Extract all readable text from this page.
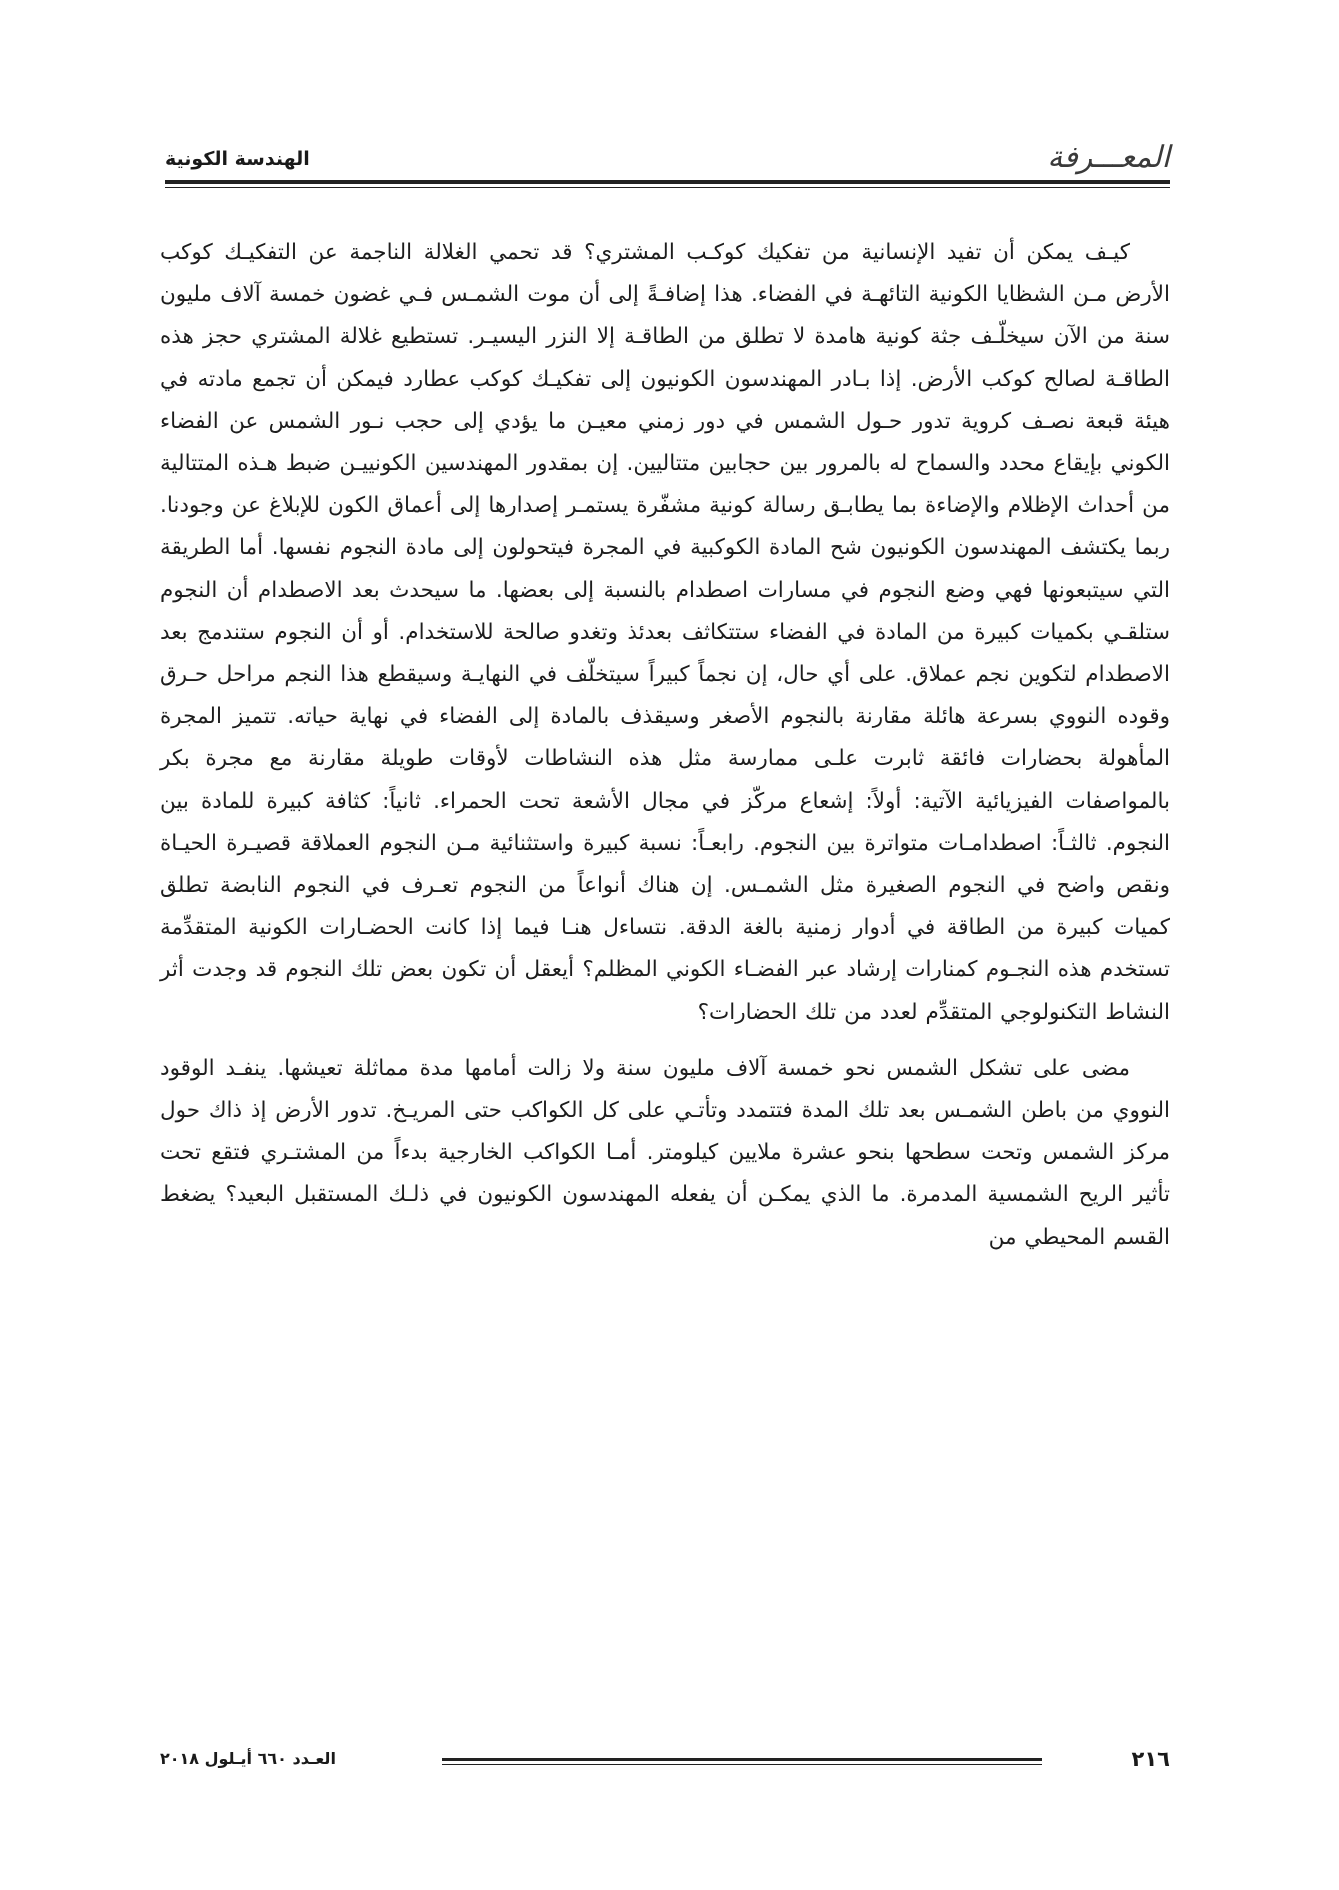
المعـــرفة
الهندسة الكونية

كيـف يمكن أن تفيد الإنسانية من تفكيك كوكـب المشتري؟ قد تحمي الغلالة الناجمة عن التفكيـك كوكب الأرض مـن الشظايا الكونية التائهـة في الفضاء. هذا إضافـةً إلى أن موت الشمـس فـي غضون خمسة آلاف مليون سنة من الآن سيخلّـف جثة كونية هامدة لا تطلق من الطاقـة إلا النزر اليسيـر. تستطيع غلالة المشتري حجز هذه الطاقـة لصالح كوكب الأرض. إذا بـادر المهندسون الكونيون إلى تفكيـك كوكب عطارد فيمكن أن تجمع مادته في هيئة قبعة نصـف كروية تدور حـول الشمس في دور زمني معيـن ما يؤدي إلى حجب نـور الشمس عن الفضاء الكوني بإيقاع محدد والسماح له بالمرور بين حجابين متتاليين. إن بمقدور المهندسين الكونييـن ضبط هـذه المتتالية من أحداث الإظلام والإضاءة بما يطابـق رسالة كونية مشفّرة يستمـر إصدارها إلى أعماق الكون للإبلاغ عن وجودنا. ربما يكتشف المهندسون الكونيون شح المادة الكوكبية في المجرة فيتحولون إلى مادة النجوم نفسها. أما الطريقة التي سيتبعونها فهي وضع النجوم في مسارات اصطدام بالنسبة إلى بعضها. ما سيحدث بعد الاصطدام أن النجوم ستلقـي بكميات كبيرة من المادة في الفضاء ستتكاثف بعدئذ وتغدو صالحة للاستخدام. أو أن النجوم ستندمج بعد الاصطدام لتكوين نجم عملاق. على أي حال، إن نجماً كبيراً سيتخلّف في النهايـة وسيقطع هذا النجم مراحل حـرق وقوده النووي بسرعة هائلة مقارنة بالنجوم الأصغر وسيقذف بالمادة إلى الفضاء في نهاية حياته. تتميز المجرة المأهولة بحضارات فائقة ثابرت علـى ممارسة مثل هذه النشاطات لأوقات طويلة مقارنة مع مجرة بكر بالمواصفات الفيزيائية الآتية: أولاً: إشعاع مركّز في مجال الأشعة تحت الحمراء. ثانياً: كثافة كبيرة للمادة بين النجوم. ثالثـاً: اصطدامـات متواترة بين النجوم. رابعـاً: نسبة كبيرة واستثنائية مـن النجوم العملاقة قصيـرة الحيـاة ونقص واضح في النجوم الصغيرة مثل الشمـس. إن هناك أنواعاً من النجوم تعـرف في النجوم النابضة تطلق كميات كبيرة من الطاقة في أدوار زمنية بالغة الدقة. نتساءل هنـا فيما إذا كانت الحضـارات الكونية المتقدِّمة تستخدم هذه النجـوم كمنارات إرشاد عبر الفضـاء الكوني المظلم؟ أيعقل أن تكون بعض تلك النجوم قد وجدت أثر النشاط التكنولوجي المتقدِّم لعدد من تلك الحضارات؟

مضى على تشكل الشمس نحو خمسة آلاف مليون سنة ولا زالت أمامها مدة مماثلة تعيشها. ينفـد الوقود النووي من باطن الشمـس بعد تلك المدة فتتمدد وتأتـي على كل الكواكب حتى المريـخ. تدور الأرض إذ ذاك حول مركز الشمس وتحت سطحها بنحو عشرة ملايين كيلومتر. أمـا الكواكب الخارجية بدءاً من المشتـري فتقع تحت تأثير الريح الشمسية المدمرة. ما الذي يمكـن أن يفعله المهندسون الكونيون في ذلـك المستقبل البعيد؟ يضغط القسم المحيطي من

٢١٦
العـدد ٦٦٠ أيـلول ٢٠١٨
